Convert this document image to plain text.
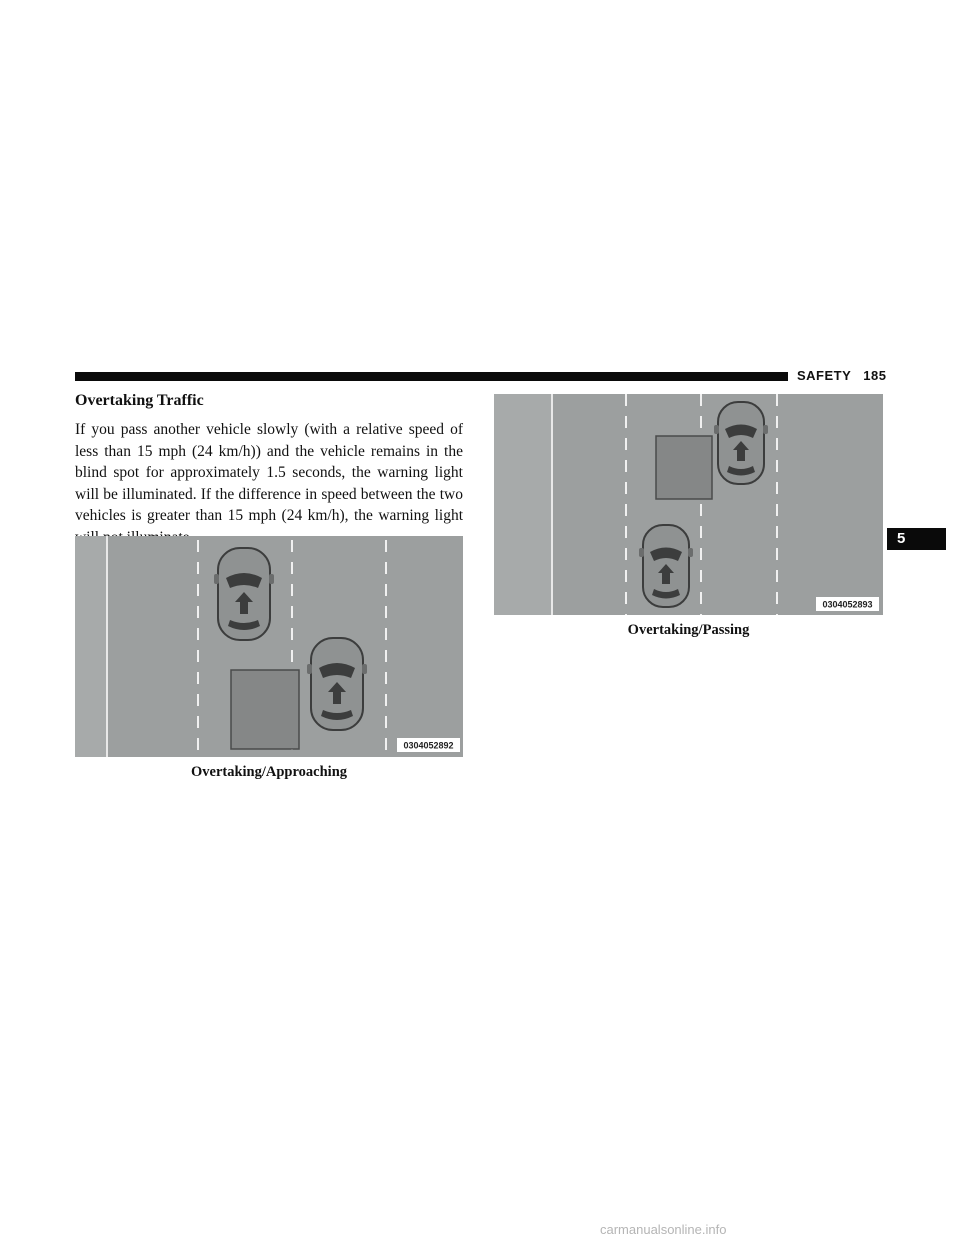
SAFETY 185
5
Overtaking Traffic

If you pass another vehicle slowly (with a relative speed of less than 15 mph (24 km/h)) and the vehicle remains in the blind spot for approximately 1.5 seconds, the warning light will be illuminated. If the difference in speed between the two vehicles is greater than 15 mph (24 km/h), the warning light

0304052892
Overtaking/Approaching
0304052893
Overtaking/Passing
carmanualsonline.info
